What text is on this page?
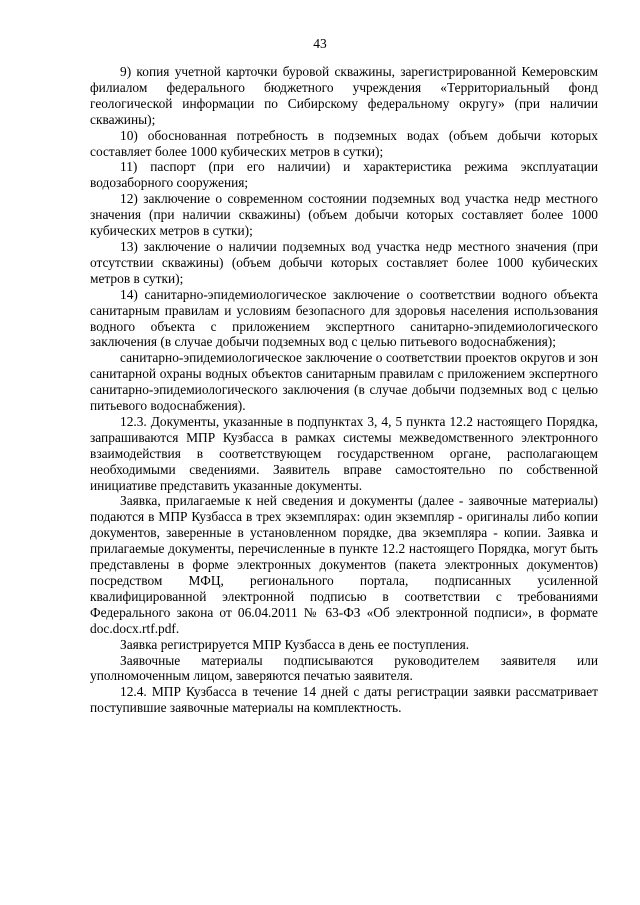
43

9) копия учетной карточки буровой скважины, зарегистрированной Кемеровским филиалом федерального бюджетного учреждения «Территориальный фонд геологической информации по Сибирскому федеральному округу» (при наличии скважины);

10) обоснованная потребность в подземных водах (объем добычи которых составляет более 1000 кубических метров в сутки);

11) паспорт (при его наличии) и характеристика режима эксплуатации водозаборного сооружения;

12) заключение о современном состоянии подземных вод участка недр местного значения (при наличии скважины) (объем добычи которых составляет более 1000 кубических метров в сутки);

13) заключение о наличии подземных вод участка недр местного значения (при отсутствии скважины) (объем добычи которых составляет более 1000 кубических метров в сутки);

14) санитарно-эпидемиологическое заключение о соответствии водного объекта санитарным правилам и условиям безопасного для здоровья населения использования водного объекта с приложением экспертного санитарно-эпидемиологического заключения (в случае добычи подземных вод с целью питьевого водоснабжения);

санитарно-эпидемиологическое заключение о соответствии проектов округов и зон санитарной охраны водных объектов санитарным правилам с приложением экспертного санитарно-эпидемиологического заключения (в случае добычи подземных вод с целью питьевого водоснабжения).

12.3. Документы, указанные в подпунктах 3, 4, 5 пункта 12.2 настоящего Порядка, запрашиваются МПР Кузбасса в рамках системы межведомственного электронного взаимодействия в соответствующем государственном органе, располагающем необходимыми сведениями. Заявитель вправе самостоятельно по собственной инициативе представить указанные документы.

Заявка, прилагаемые к ней сведения и документы (далее - заявочные материалы) подаются в МПР Кузбасса в трех экземплярах: один экземпляр - оригиналы либо копии документов, заверенные в установленном порядке, два экземпляра - копии. Заявка и прилагаемые документы, перечисленные в пункте 12.2 настоящего Порядка, могут быть представлены в форме электронных документов (пакета электронных документов) посредством МФЦ, регионального портала, подписанных усиленной квалифицированной электронной подписью в соответствии с требованиями Федерального закона от 06.04.2011 № 63-ФЗ «Об электронной подписи», в формате doc.docx.rtf.pdf.

Заявка регистрируется МПР Кузбасса в день ее поступления.

Заявочные материалы подписываются руководителем заявителя или уполномоченным лицом, заверяются печатью заявителя.

12.4. МПР Кузбасса в течение 14 дней с даты регистрации заявки рассматривает поступившие заявочные материалы на комплектность.
